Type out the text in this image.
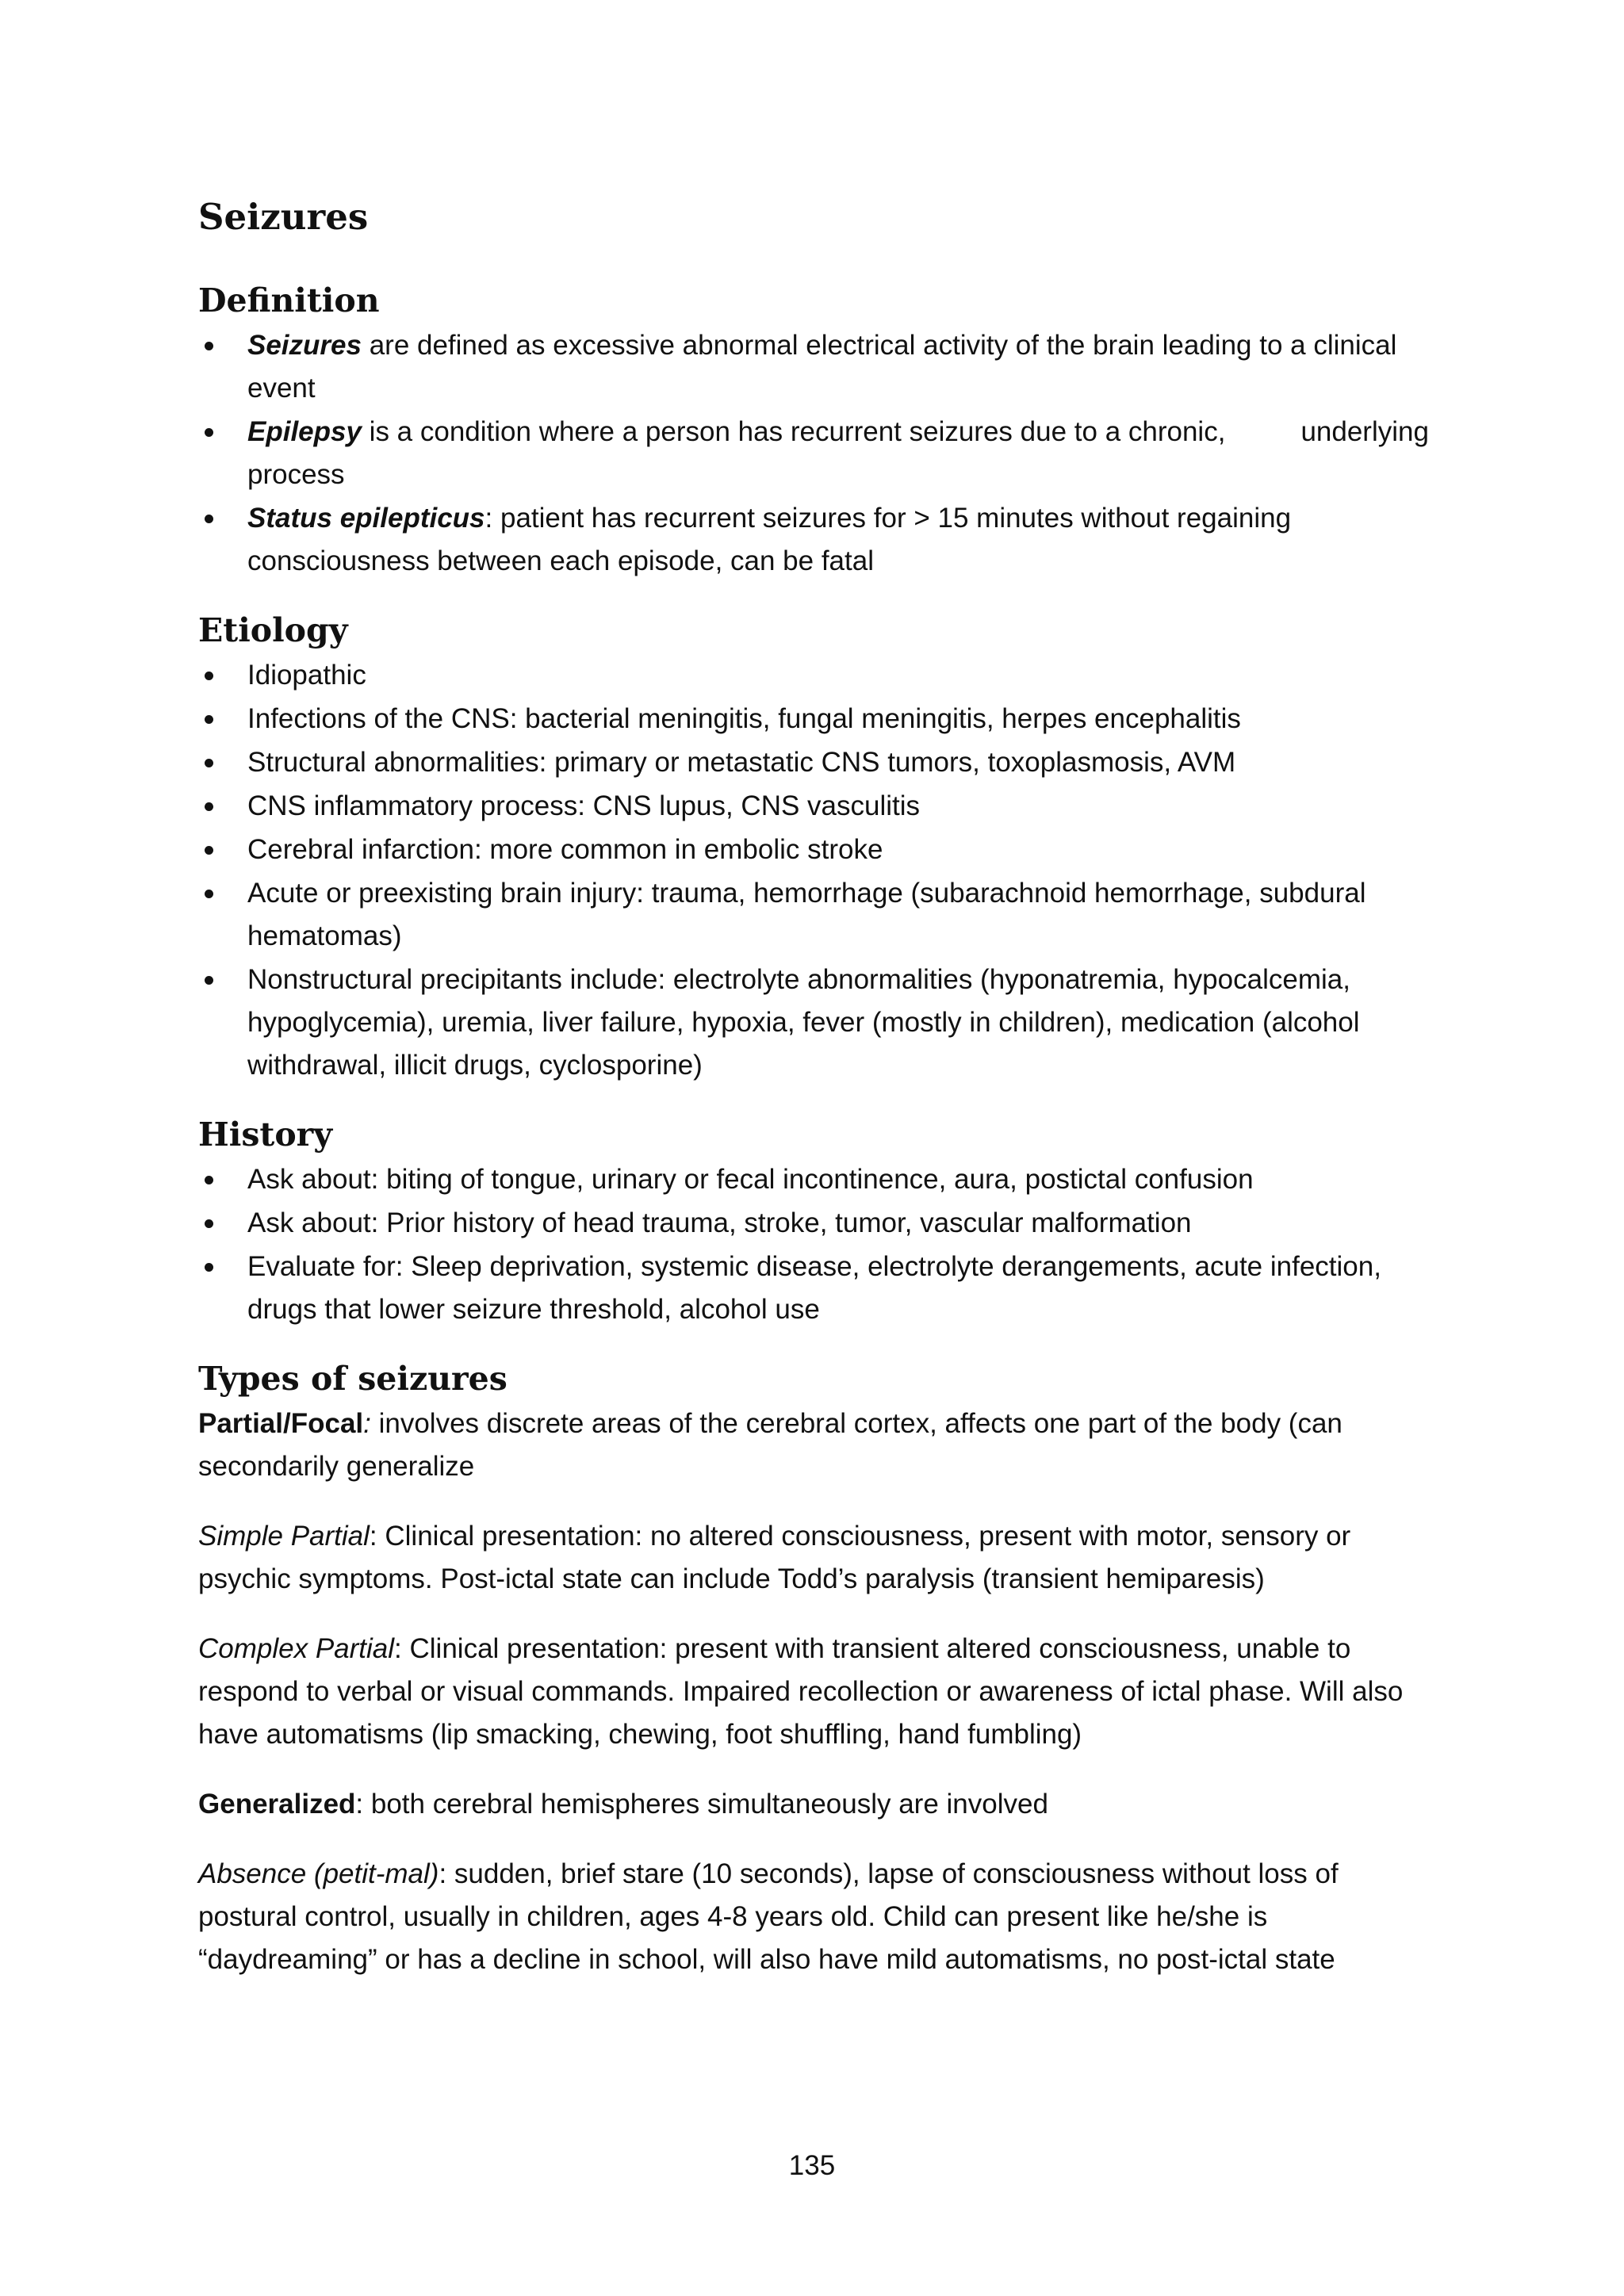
Seizures
Definition
Seizures are defined as excessive abnormal electrical activity of the brain leading to a clinical event
Epilepsy is a condition where a person has recurrent seizures due to a chronic,	underlying process
Status epilepticus: patient has recurrent seizures for > 15 minutes without regaining consciousness between each episode, can be fatal
Etiology
Idiopathic
Infections of the CNS: bacterial meningitis, fungal meningitis, herpes encephalitis
Structural abnormalities: primary or metastatic CNS tumors, toxoplasmosis, AVM
CNS inflammatory process: CNS lupus, CNS vasculitis
Cerebral infarction: more common in embolic stroke
Acute or preexisting brain injury: trauma, hemorrhage (subarachnoid hemorrhage, subdural hematomas)
Nonstructural precipitants include: electrolyte abnormalities (hyponatremia, hypocalcemia, hypoglycemia), uremia, liver failure, hypoxia, fever (mostly in children), medication (alcohol withdrawal, illicit drugs, cyclosporine)
History
Ask about: biting of tongue, urinary or fecal incontinence, aura, postictal confusion
Ask about: Prior history of head trauma, stroke, tumor, vascular malformation
Evaluate for: Sleep deprivation, systemic disease, electrolyte derangements, acute infection, drugs that lower seizure threshold, alcohol use
Types of seizures

Partial/Focal: involves discrete areas of the cerebral cortex, affects one part of the body (can secondarily generalize

Simple Partial: Clinical presentation: no altered consciousness, present with motor, sensory or psychic symptoms. Post-ictal state can include Todd’s paralysis (transient hemiparesis)

Complex Partial: Clinical presentation: present with transient altered consciousness, unable to respond to verbal or visual commands. Impaired recollection or awareness of ictal phase. Will also have automatisms (lip smacking, chewing, foot shuffling, hand fumbling)

Generalized: both cerebral hemispheres simultaneously are involved

Absence (petit-mal): sudden, brief stare (10 seconds), lapse of consciousness without loss of postural control, usually in children, ages 4-8 years old. Child can present like he/she is “daydreaming” or has a decline in school, will also have mild automatisms, no post-ictal state

135
